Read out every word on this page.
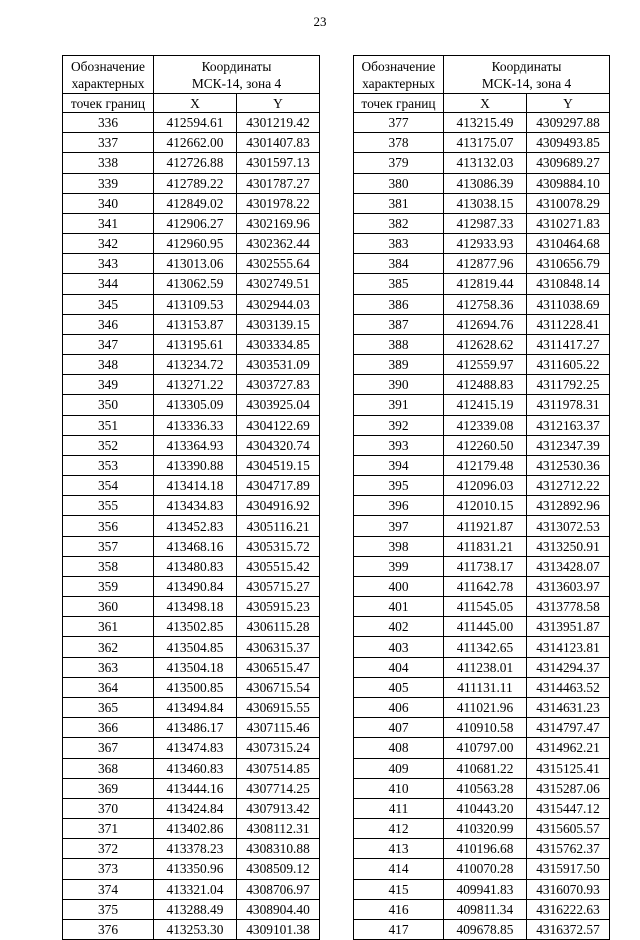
23
Обозначение
характерных	Координаты
МСК-14, зона 4	

точек границ	X	Y
336	412594.61	4301219.42
337	412662.00	4301407.83
338	412726.88	4301597.13
339	412789.22	4301787.27
340	412849.02	4301978.22
341	412906.27	4302169.96
342	412960.95	4302362.44
343	413013.06	4302555.64
344	413062.59	4302749.51
345	413109.53	4302944.03
346	413153.87	4303139.15
347	413195.61	4303334.85
348	413234.72	4303531.09
349	413271.22	4303727.83
350	413305.09	4303925.04
351	413336.33	4304122.69
352	413364.93	4304320.74
353	413390.88	4304519.15
354	413414.18	4304717.89
355	413434.83	4304916.92
356	413452.83	4305116.21
357	413468.16	4305315.72
358	413480.83	4305515.42
359	413490.84	4305715.27
360	413498.18	4305915.23
361	413502.85	4306115.28
362	413504.85	4306315.37
363	413504.18	4306515.47
364	413500.85	4306715.54
365	413494.84	4306915.55
366	413486.17	4307115.46
367	413474.83	4307315.24
368	413460.83	4307514.85
369	413444.16	4307714.25
370	413424.84	4307913.42
371	413402.86	4308112.31
372	413378.23	4308310.88
373	413350.96	4308509.12
374	413321.04	4308706.97
375	413288.49	4308904.40
376	413253.30	4309101.38
Обозначение
характерных	Координаты
МСК-14, зона 4	

точек границ	X	Y
377	413215.49	4309297.88
378	413175.07	4309493.85
379	413132.03	4309689.27
380	413086.39	4309884.10
381	413038.15	4310078.29
382	412987.33	4310271.83
383	412933.93	4310464.68
384	412877.96	4310656.79
385	412819.44	4310848.14
386	412758.36	4311038.69
387	412694.76	4311228.41
388	412628.62	4311417.27
389	412559.97	4311605.22
390	412488.83	4311792.25
391	412415.19	4311978.31
392	412339.08	4312163.37
393	412260.50	4312347.39
394	412179.48	4312530.36
395	412096.03	4312712.22
396	412010.15	4312892.96
397	411921.87	4313072.53
398	411831.21	4313250.91
399	411738.17	4313428.07
400	411642.78	4313603.97
401	411545.05	4313778.58
402	411445.00	4313951.87
403	411342.65	4314123.81
404	411238.01	4314294.37
405	411131.11	4314463.52
406	411021.96	4314631.23
407	410910.58	4314797.47
408	410797.00	4314962.21
409	410681.22	4315125.41
410	410563.28	4315287.06
411	410443.20	4315447.12
412	410320.99	4315605.57
413	410196.68	4315762.37
414	410070.28	4315917.50
415	409941.83	4316070.93
416	409811.34	4316222.63
417	409678.85	4316372.57
